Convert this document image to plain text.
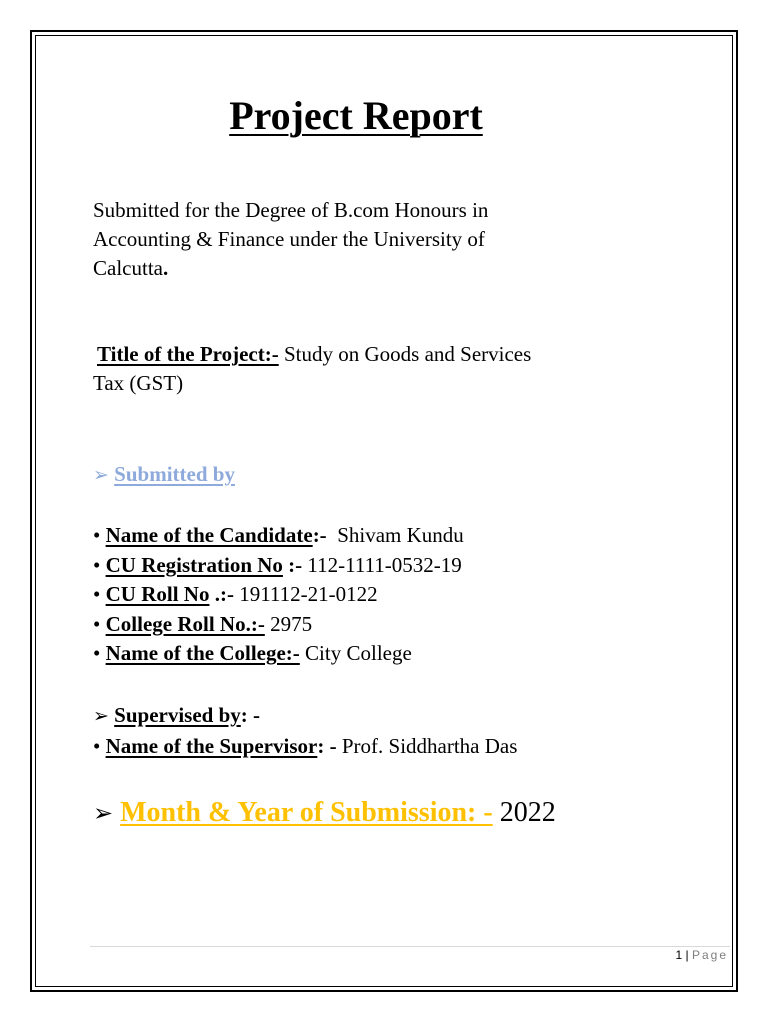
Project Report
Submitted for the Degree of B.com Honours in
Accounting & Finance under the University of
Calcutta.
Title of the Project:- Study on Goods and Services
Tax (GST)
➢ Submitted by
• Name of the Candidate:-  Shivam Kundu
• CU Registration No :- 112-1111-0532-19
• CU Roll No .:- 191112-21-0122
• College Roll No.:- 2975
• Name of the College:- City College
➢ Supervised by: -
• Name of the Supervisor: - Prof. Siddhartha Das
➢ Month & Year of Submission: - 2022
1 | Page
